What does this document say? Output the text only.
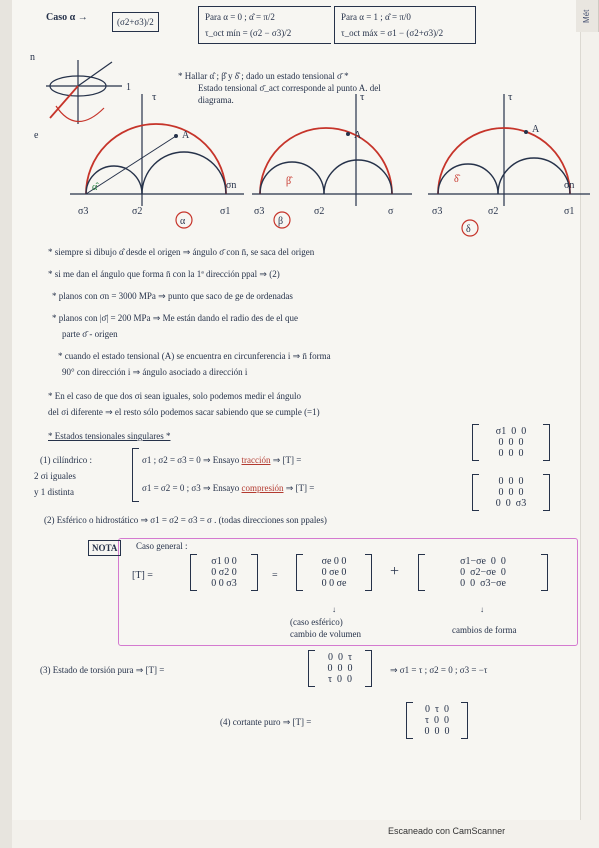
Mét
Caso α →	(σ2+σ3)/2	Para α = 0 ; α̂ = π/2
τ_oct mín = (σ2 − σ3)/2
Para α = 1 ; α̂ = π/0
τ_oct máx = σ1 − (σ2+σ3)/2
n
1
e
* Hallar α̂ ; β̂ y δ̂ ; dado un estado tensional σ̄ *
Estado tensional σ̄_act corresponde al punto A. del
diagrama.
τ
σn
A
α̂
σ3	σ2	σ1
α
τ
A
β̂
σ3	σ2	σ
β
τ
σn
A
δ̂
σ3	σ2	σ1
δ
* siempre si dibujo α̂ desde el origen ⇒ ángulo σ̄ con n̄, se saca del origen
* si me dan el ángulo que forma n̄ con la 1ª dirección ppal ⇒ (2)
* planos con σn = 3000 MPa ⇒ punto que saco de ge de ordenadas
* planos con |σ̄| = 200 MPa ⇒ Me están dando el radio des de el que
parte σ̄ - origen
* cuando el estado tensional (A) se encuentra en circunferencia i ⇒ n̄ forma
90° con dirección i ⇒ ángulo asociado a dirección i
* En el caso de que dos σi sean iguales, solo podemos medir el ángulo
del σi diferente ⇒ el resto sólo podemos sacar sabiendo que se cumple (=1)
* Estados tensionales singulares *
(1) cilíndrico :
2 σi iguales
y 1 distinta
σ1 ; σ2 = σ3 = 0 ⇒ Ensayo tracción ⇒ [T] =
σ1 = σ2 = 0 ; σ3 ⇒ Ensayo compresión ⇒ [T] =
σ1 0 0
0 0 0
0 0 0
0 0 0
0 0 0
0 0 σ3
(2) Esférico o hidrostático ⇒ σ1 = σ2 = σ3 = σ . (todas direcciones son ppales)
NOTA	Caso general :
[T] =
σ1 0 0
0 σ2 0
0 0 σ3
=
σe 0 0
0 σe 0
0 0 σe
+
σ1−σe 0 0
0 σ2−σe 0
0 0 σ3−σe
↓	↓
(caso esférico)
cambio de volumen	cambios de forma
(3) Estado de torsión pura ⇒ [T] =
0 0 τ
0 0 0
τ 0 0
⇒ σ1 = τ ; σ2 = 0 ; σ3 = −τ
(4) cortante puro ⇒ [T] =
0 τ 0
τ 0 0
0 0 0
Escaneado con CamScanner
